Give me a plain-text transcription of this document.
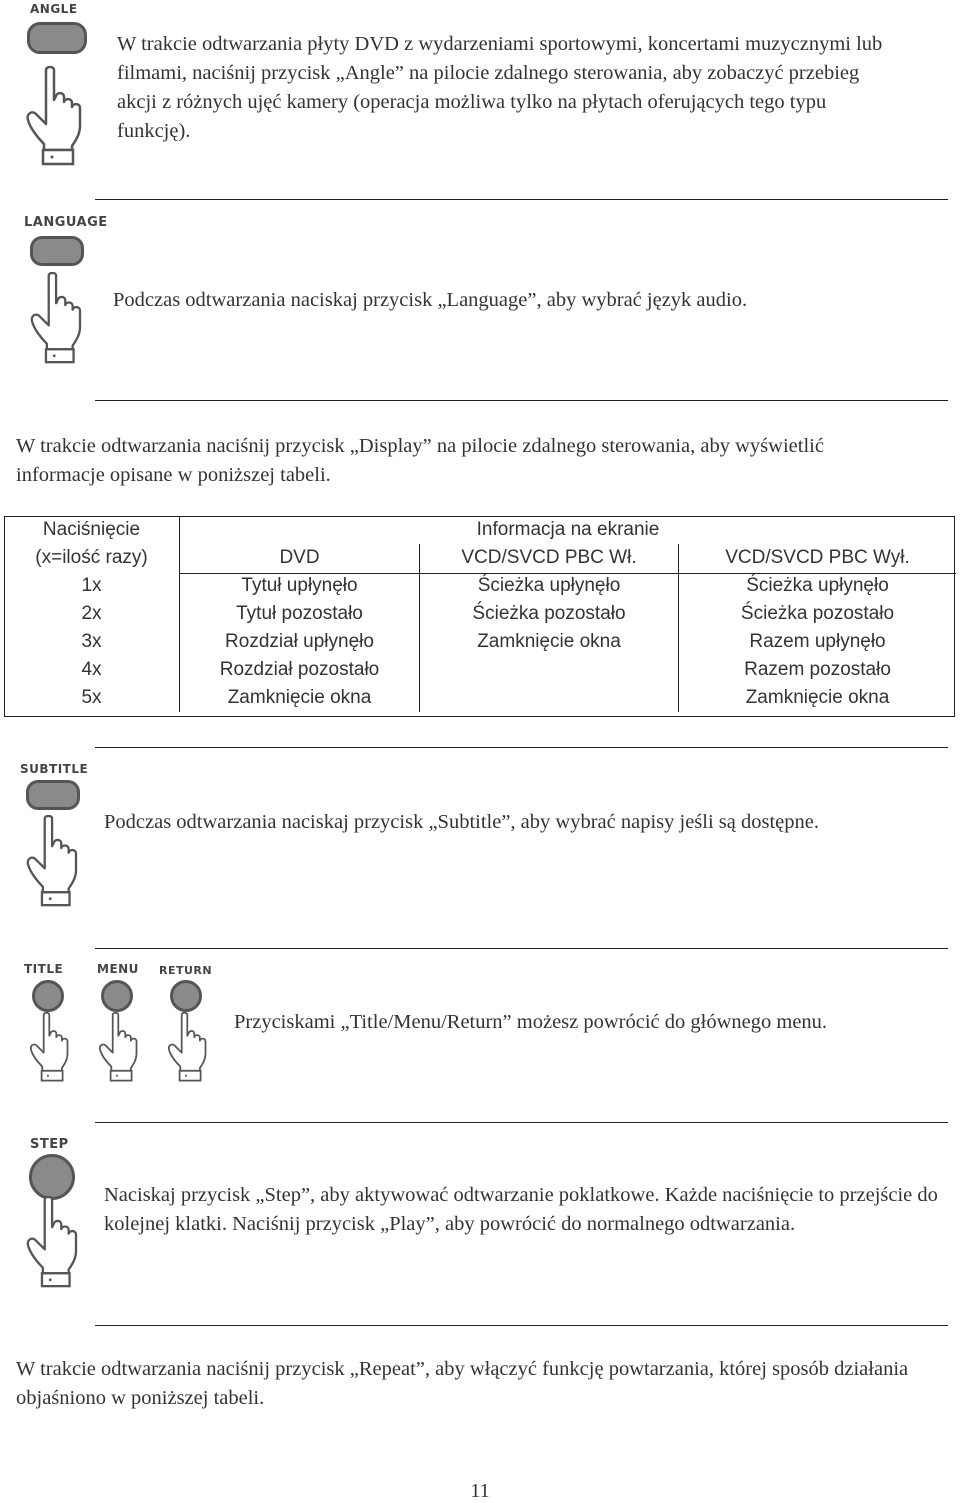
ANGLE
W trakcie odtwarzania płyty DVD z wydarzeniami sportowymi, koncertami muzycznymi lub filmami, naciśnij przycisk „Angle” na pilocie zdalnego sterowania, aby zobaczyć przebieg akcji z różnych ujęć kamery (operacja możliwa tylko na płytach oferujących tego typu funkcję).
LANGUAGE
Podczas odtwarzania naciskaj przycisk „Language”, aby wybrać język audio.
W trakcie odtwarzania naciśnij przycisk „Display” na pilocie zdalnego sterowania, aby wyświetlić informacje opisane w poniższej tabeli.
Naciśnięcie	Informacja na ekranie		
(x=ilość razy)	DVD	VCD/SVCD PBC Wł.	VCD/SVCD PBC Wył.
1x	Tytuł upłynęło	Ścieżka upłynęło	Ścieżka upłynęło
2x	Tytuł pozostało	Ścieżka pozostało	Ścieżka pozostało
3x	Rozdział upłynęło	Zamknięcie okna	Razem upłynęło
4x	Rozdział pozostało		Razem pozostało
5x	Zamknięcie okna		Zamknięcie okna
SUBTITLE
Podczas odtwarzania naciskaj przycisk „Subtitle”, aby wybrać napisy jeśli są dostępne.
TITLE	MENU RETURN
Przyciskami „Title/Menu/Return” możesz powrócić do głównego menu.
STEP
Naciskaj przycisk „Step”, aby aktywować odtwarzanie poklatkowe. Każde naciśnięcie to przejście do kolejnej klatki. Naciśnij przycisk „Play”, aby powrócić do normalnego odtwarzania.
W trakcie odtwarzania naciśnij przycisk „Repeat”, aby włączyć funkcję powtarzania, której sposób działania objaśniono w poniższej tabeli.
11
